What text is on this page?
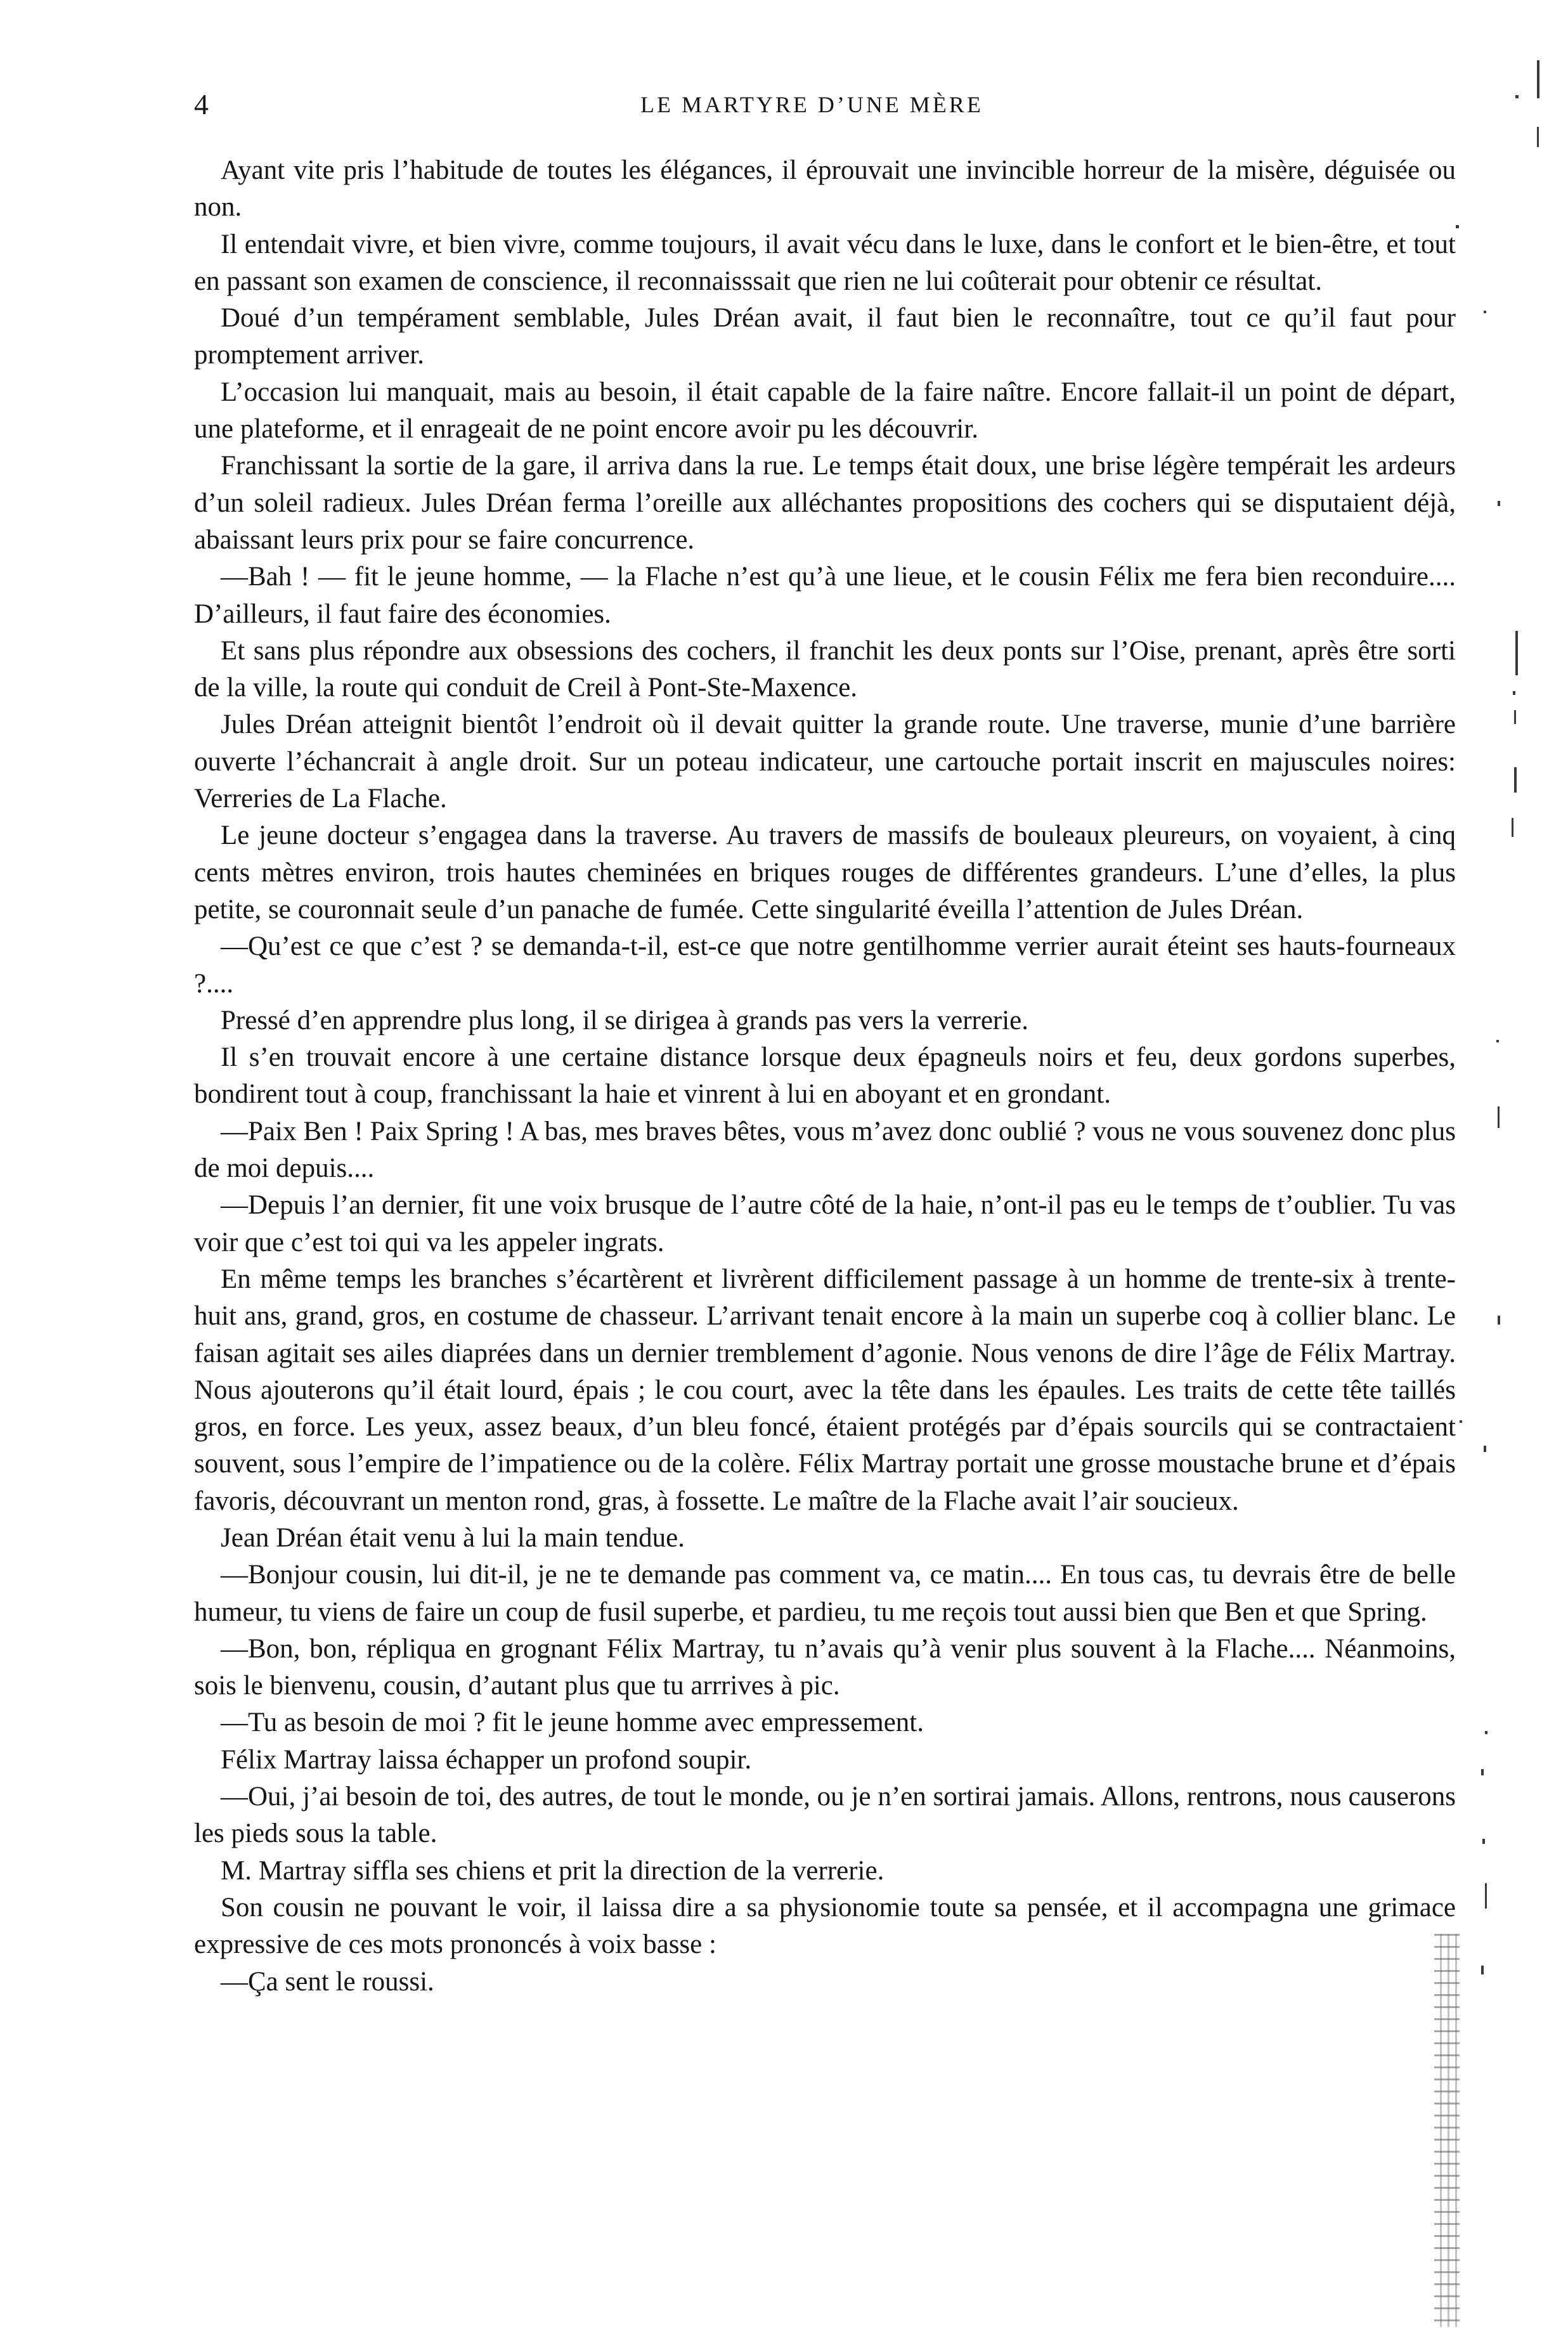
4	LE MARTYRE D’UNE MÈRE

Ayant vite pris l’habitude de toutes les élégances, il éprouvait une invincible horreur de la misère, déguisée ou non.

Il entendait vivre, et bien vivre, comme toujours, il avait vécu dans le luxe, dans le confort et le bien-être, et tout en passant son examen de conscience, il reconnaisssait que rien ne lui coûterait pour obtenir ce résultat.

Doué d’un tempérament semblable, Jules Dréan avait, il faut bien le reconnaître, tout ce qu’il faut pour promptement arriver.

L’occasion lui manquait, mais au besoin, il était capable de la faire naître. Encore fallait-il un point de départ, une plateforme, et il enrageait de ne point encore avoir pu les découvrir.

Franchissant la sortie de la gare, il arriva dans la rue. Le temps était doux, une brise légère tempérait les ardeurs d’un soleil radieux. Jules Dréan ferma l’oreille aux alléchantes propositions des cochers qui se disputaient déjà, abaissant leurs prix pour se faire concurrence.

—Bah ! — fit le jeune homme, — la Flache n’est qu’à une lieue, et le cousin Félix me fera bien reconduire.... D’ailleurs, il faut faire des économies.

Et sans plus répondre aux obsessions des cochers, il franchit les deux ponts sur l’Oise, prenant, après être sorti de la ville, la route qui conduit de Creil à Pont-Ste-Maxence.

Jules Dréan atteignit bientôt l’endroit où il devait quitter la grande route. Une traverse, munie d’une barrière ouverte l’échancrait à angle droit. Sur un poteau indicateur, une cartouche portait inscrit en majuscules noires: Verreries de La Flache.

Le jeune docteur s’engagea dans la traverse. Au travers de massifs de bouleaux pleureurs, on voyaient, à cinq cents mètres environ, trois hautes cheminées en briques rouges de différentes grandeurs. L’une d’elles, la plus petite, se couronnait seule d’un panache de fumée. Cette singularité éveilla l’attention de Jules Dréan.

—Qu’est ce que c’est ? se demanda-t-il, est-ce que notre gentilhomme verrier aurait éteint ses hauts-fourneaux ?....

Pressé d’en apprendre plus long, il se dirigea à grands pas vers la verrerie.

Il s’en trouvait encore à une certaine distance lorsque deux épagneuls noirs et feu, deux gordons superbes, bondirent tout à coup, franchissant la haie et vinrent à lui en aboyant et en grondant.

—Paix Ben ! Paix Spring ! A bas, mes braves bêtes, vous m’avez donc oublié ? vous ne vous souvenez donc plus de moi depuis....

—Depuis l’an dernier, fit une voix brusque de l’autre côté de la haie, n’ont-il pas eu le temps de t’oublier. Tu vas voir que c’est toi qui va les appeler ingrats.

En même temps les branches s’écartèrent et livrèrent difficilement passage à un homme de trente-six à trente-huit ans, grand, gros, en costume de chasseur. L’arrivant tenait encore à la main un superbe coq à collier blanc. Le faisan agitait ses ailes diaprées dans un dernier tremblement d’agonie. Nous venons de dire l’âge de Félix Martray. Nous ajouterons qu’il était lourd, épais ; le cou court, avec la tête dans les épaules. Les traits de cette tête taillés gros, en force. Les yeux, assez beaux, d’un bleu foncé, étaient protégés par d’épais sourcils qui se contractaient souvent, sous l’empire de l’impatience ou de la colère. Félix Martray portait une grosse moustache brune et d’épais favoris, découvrant un menton rond, gras, à fossette. Le maître de la Flache avait l’air soucieux.

Jean Dréan était venu à lui la main tendue.

—Bonjour cousin, lui dit-il, je ne te demande pas comment va, ce matin.... En tous cas, tu devrais être de belle humeur, tu viens de faire un coup de fusil superbe, et pardieu, tu me reçois tout aussi bien que Ben et que Spring.

—Bon, bon, répliqua en grognant Félix Martray, tu n’avais qu’à venir plus souvent à la Flache.... Néanmoins, sois le bienvenu, cousin, d’autant plus que tu arrrives à pic.

—Tu as besoin de moi ? fit le jeune homme avec empressement.

Félix Martray laissa échapper un profond soupir.

—Oui, j’ai besoin de toi, des autres, de tout le monde, ou je n’en sortirai jamais. Allons, rentrons, nous causerons les pieds sous la table.

M. Martray siffla ses chiens et prit la direction de la verrerie.

Son cousin ne pouvant le voir, il laissa dire a sa physionomie toute sa pensée, et il accompagna une grimace expressive de ces mots prononcés à voix basse :

—Ça sent le roussi.
